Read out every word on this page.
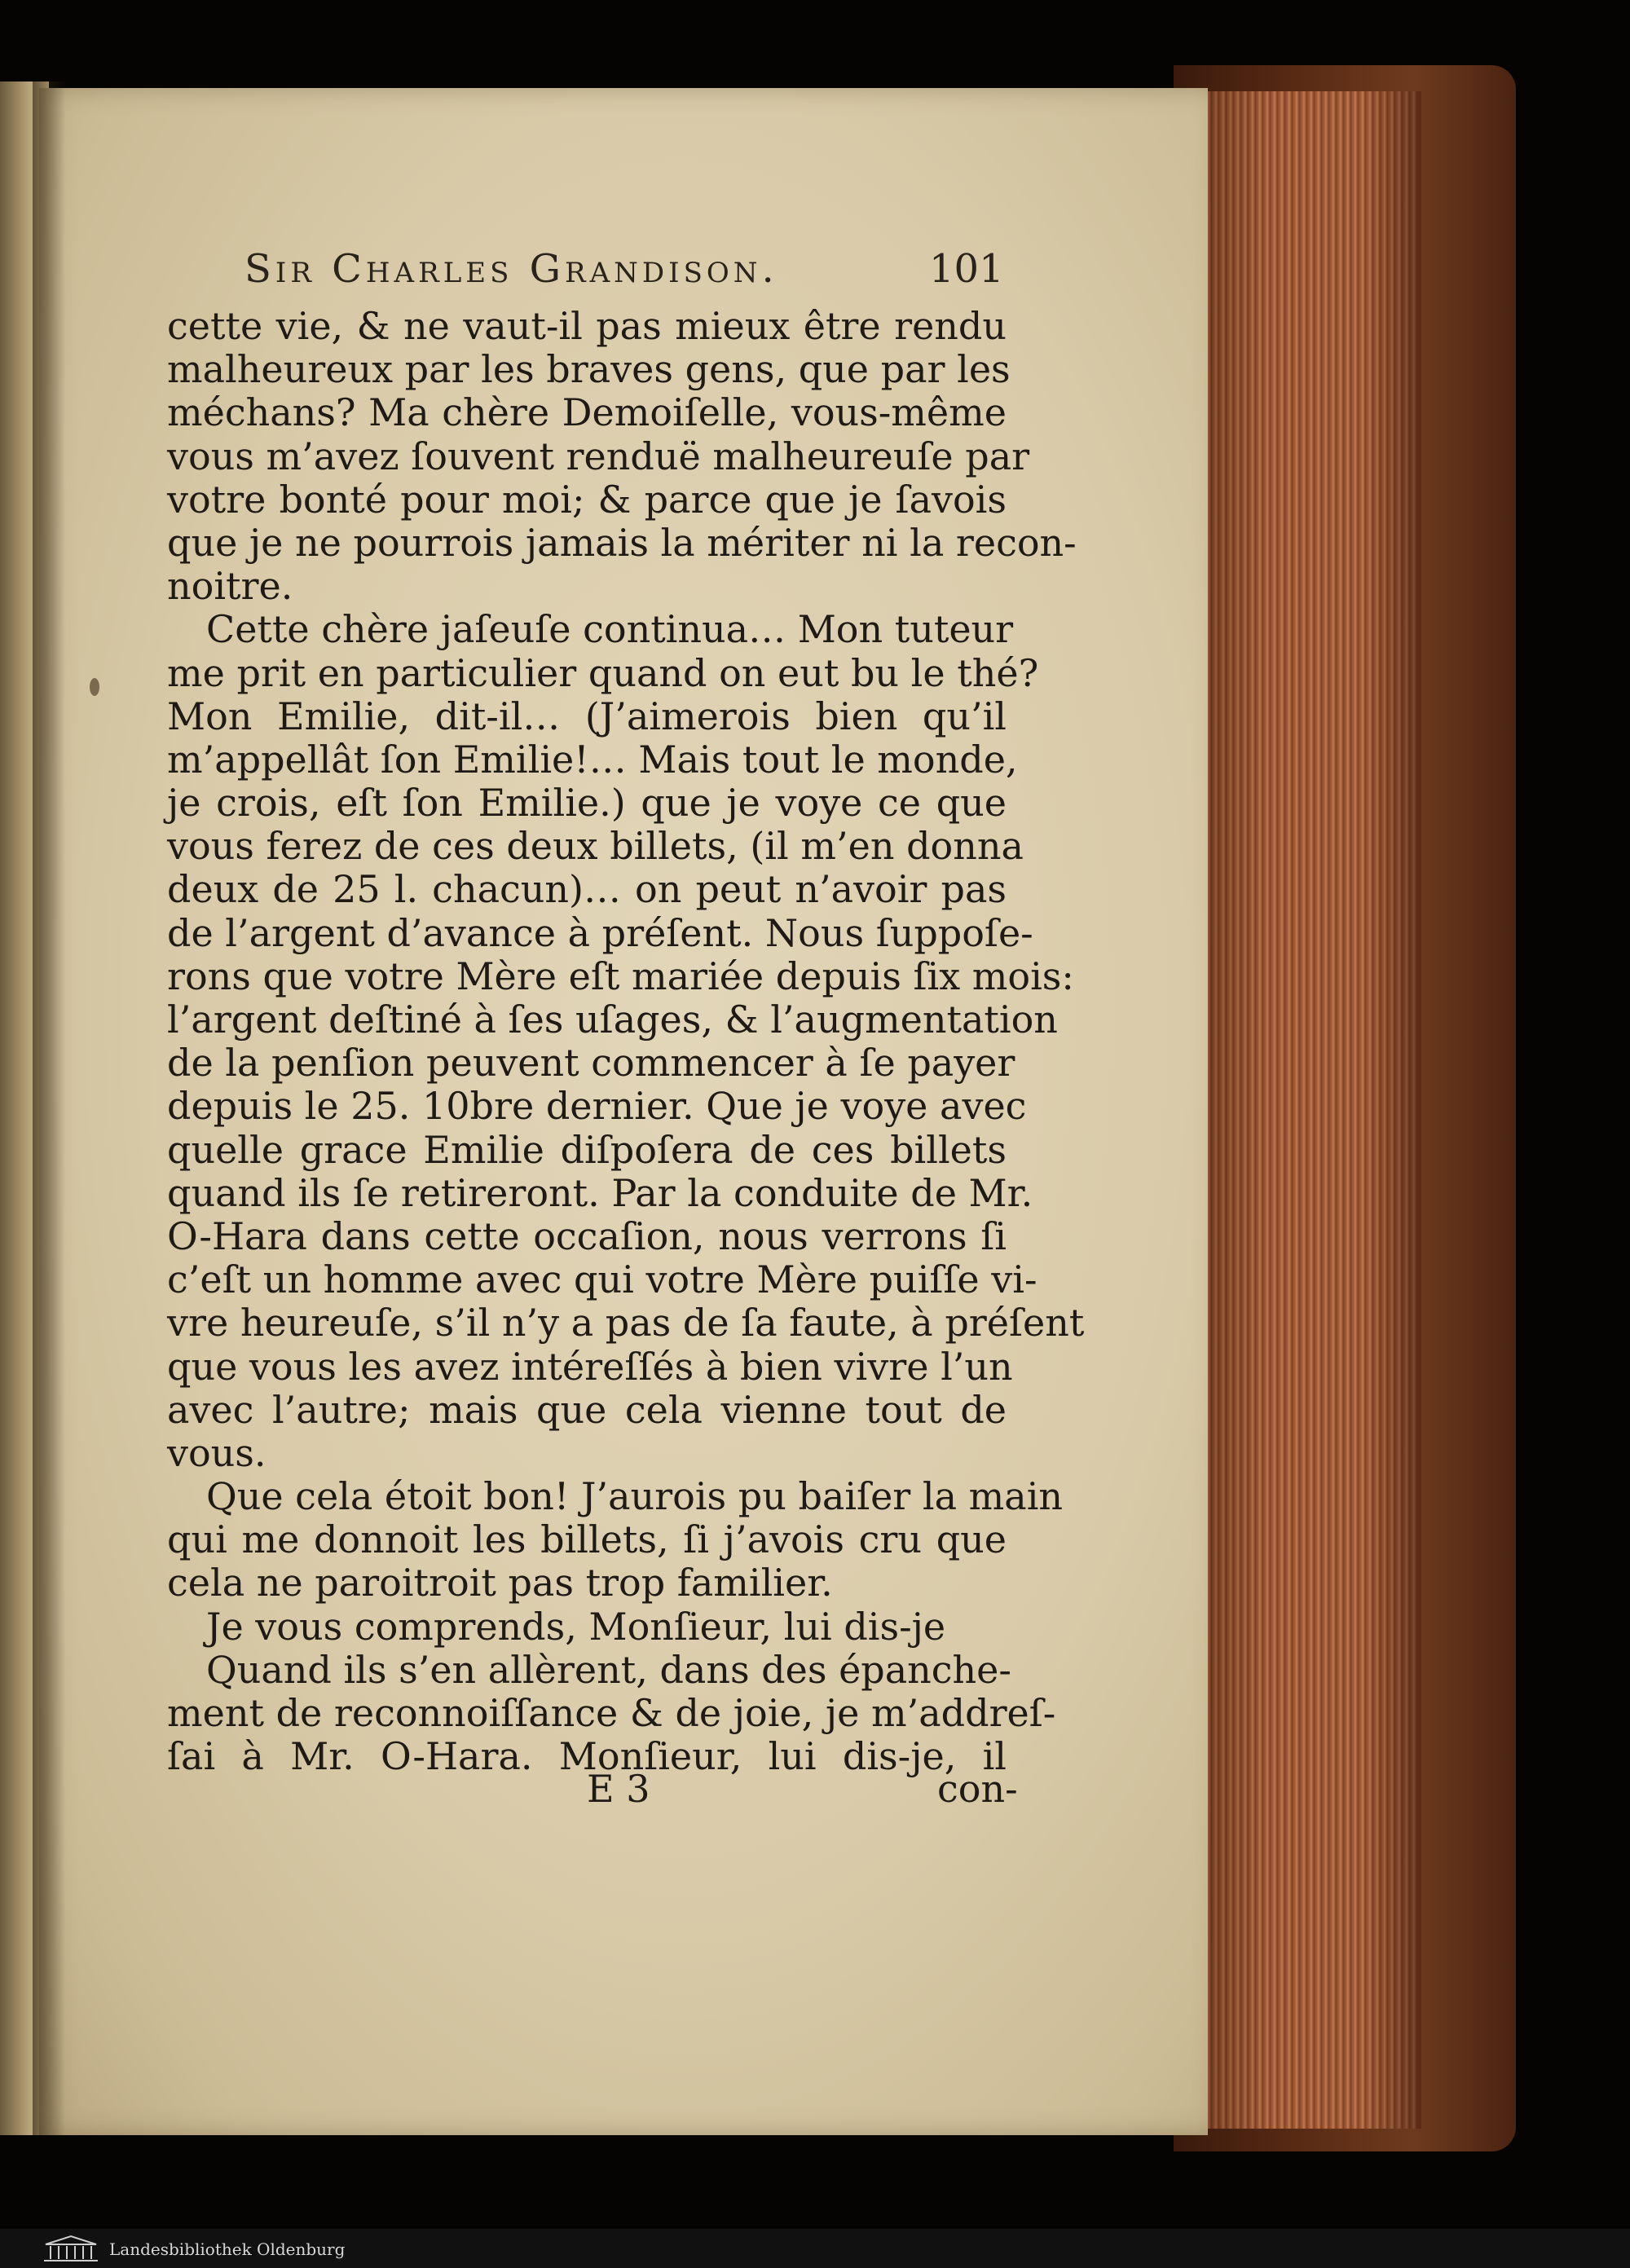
Sir Charles Grandison.	101
cette vie, & ne vaut-il pas mieux être rendu
malheureux par les braves gens, que par les
méchans? Ma chère Demoiſelle, vous-même
vous m’avez ſouvent renduë malheureuſe par
votre bonté pour moi; & parce que je ſavois
que je ne pourrois jamais la mériter ni la recon-
noitre.
Cette chère jaſeuſe continua… Mon tuteur
me prit en particulier quand on eut bu le thé?
Mon Emilie, dit-il… (J’aimerois bien qu’il
m’appellât ſon Emilie!… Mais tout le monde,
je crois, eſt ſon Emilie.) que je voye ce que
vous ferez de ces deux billets, (il m’en donna
deux de 25 l. chacun)… on peut n’avoir pas
de l’argent d’avance à préſent. Nous ſuppoſe-
rons que votre Mère eſt mariée depuis ſix mois:
l’argent deſtiné à ſes uſages, & l’augmentation
de la penſion peuvent commencer à ſe payer
depuis le 25. 10bre dernier. Que je voye avec
quelle grace Emilie diſpoſera de ces billets
quand ils ſe retireront. Par la conduite de Mr.
O-Hara dans cette occaſion, nous verrons ſi
c’eſt un homme avec qui votre Mère puiſſe vi-
vre heureuſe, s’il n’y a pas de ſa faute, à préſent
que vous les avez intéreſſés à bien vivre l’un
avec l’autre; mais que cela vienne tout de
vous.
Que cela étoit bon! J’aurois pu baiſer la main
qui me donnoit les billets, ſi j’avois cru que
cela ne paroitroit pas trop familier.
Je vous comprends, Monſieur, lui dis-je
Quand ils s’en allèrent, dans des épanche-
ment de reconnoiſſance & de joie, je m’addreſ-
ſai à Mr. O-Hara. Monſieur, lui dis-je, il
E 3	con-
Landesbibliothek Oldenburg
